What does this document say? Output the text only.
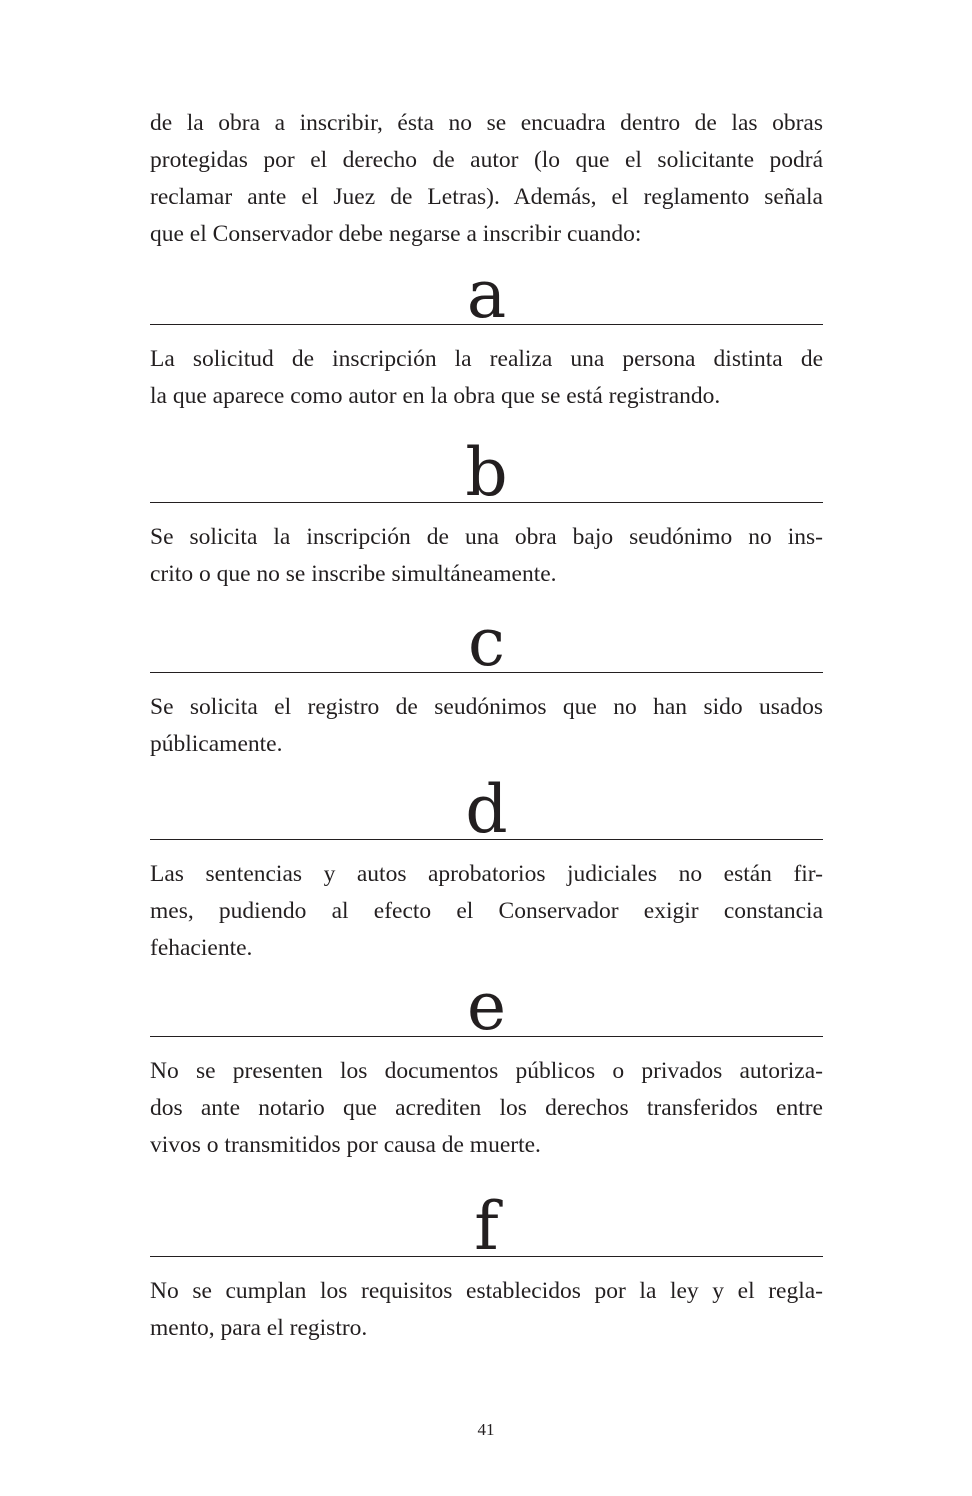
de la obra a inscribir, ésta no se encuadra dentro de las obras
protegidas por el derecho de autor (lo que el solicitante podrá
reclamar ante el Juez de Letras). Además, el reglamento señala
que el Conservador debe negarse a inscribir cuando:
a
La solicitud de inscripción la realiza una persona distinta de
la que aparece como autor en la obra que se está registrando.
b
Se solicita la inscripción de una obra bajo seudónimo no ins-
crito o que no se inscribe simultáneamente.
c
Se solicita el registro de seudónimos que no han sido usados
públicamente.
d
Las sentencias y autos aprobatorios judiciales no están fir-
mes, pudiendo al efecto el Conservador exigir constancia
fehaciente.
e
No se presenten los documentos públicos o privados autoriza-
dos ante notario que acrediten los derechos transferidos entre
vivos o transmitidos por causa de muerte.
f
No se cumplan los requisitos establecidos por la ley y el regla-
mento, para el registro.
41
